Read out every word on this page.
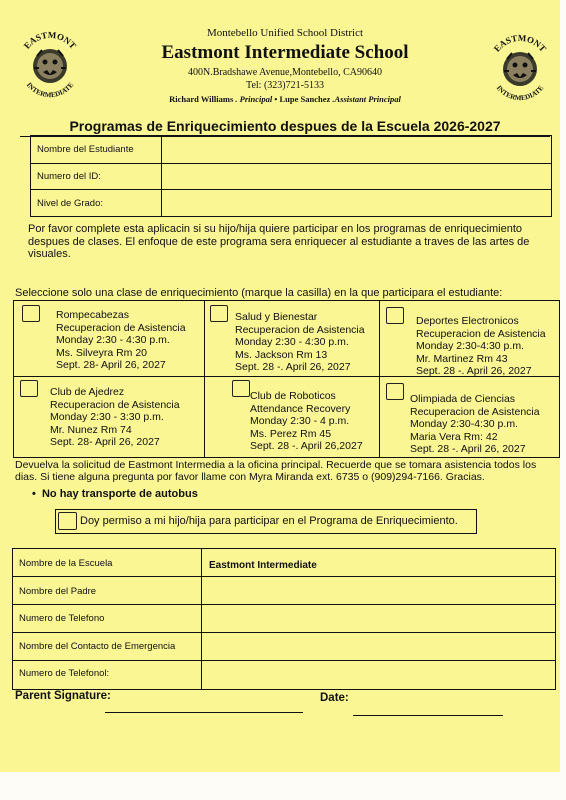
EASTMONT
INTERMEDIATE
EASTMONT
INTERMEDIATE
Montebello Unified School District
Eastmont Intermediate School
400N.Bradshawe Avenue,Montebello, CA90640
Tel: (323)721-5133
Richard Williams . Principal • Lupe Sanchez .Assistant Principal
Programas de Enriquecimiento despues de la Escuela 2026-2027
Nombre del Estudiante
Numero del ID:
Nivel de Grado:
Por favor complete esta aplicacin si su hijo/hija quiere participar en los programas de enriquecimiento despues de clases. El enfoque de este programa sera enriquecer al estudiante a traves de las artes de visuales.
Seleccione solo una clase de enriquecimiento (marque la casilla) en la que participara el estudiante:
Rompecabezas
Recuperacion de Asistencia
Monday 2:30 - 4:30 p.m.
Ms. Silveyra Rm 20
Sept. 28- April 26, 2027
Salud y Bienestar
Recuperacion de Asistencia
Monday 2:30 - 4:30 p.m.
Ms. Jackson Rm 13
Sept. 28 -. April 26, 2027
Deportes Electronicos
Recuperacion de Asistencia
Monday 2:30-4:30 p.m.
Mr. Martinez Rm 43
Sept. 28 -. April 26, 2027
Club de Ajedrez
Recuperacion de Asistencia
Monday 2:30 - 3:30 p.m.
Mr. Nunez Rm 74
Sept. 28- April 26, 2027
Club de Roboticos
Attendance Recovery
Monday 2:30 - 4 p.m.
Ms. Perez Rm 45
Sept. 28 -. April 26,2027
Olimpiada de Ciencias
Recuperacion de Asistencia
Monday 2:30-4:30 p.m.
Maria Vera Rm: 42
Sept. 28 -. April 26, 2027
Devuelva la solicitud de Eastmont Intermedia a la oficina principal. Recuerde que se tomara asistencia todos los dias. Si tiene alguna pregunta por favor llame con Myra Miranda ext. 6735 o (909)294-7166. Gracias.
•  No hay transporte de autobus
Doy permiso a mi hijo/hija para participar en el Programa de Enriquecimiento.
Nombre de la Escuela	Eastmont Intermediate
Nombre del Padre
Numero de Telefono
Nombre del Contacto de Emergencia
Numero de Telefonol:
Parent Signature:	Date:
